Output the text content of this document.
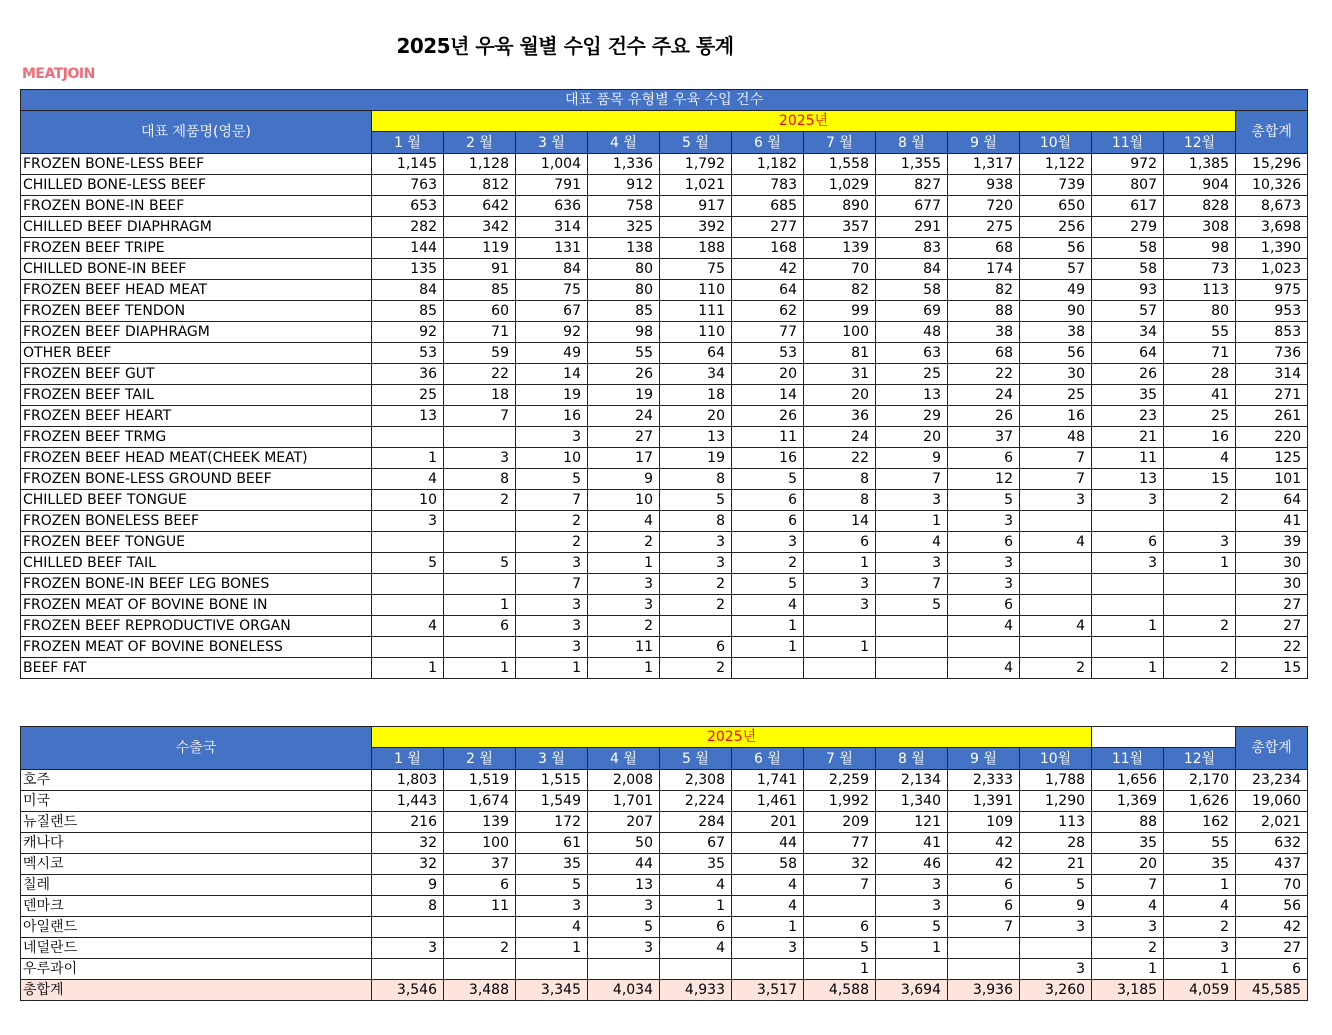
2025년 우육 월별 수입 건수 주요 통계
MEATJOIN
대표 품목 유형별 우육 수입 건수													
대표 제품명(영문)	2025년												총합계
	1 월	2 월	3 월	4 월	5 월	6 월	7 월	8 월	9 월	10월	11월	12월	
FROZEN BONE-LESS BEEF	1,145	1,128	1,004	1,336	1,792	1,182	1,558	1,355	1,317	1,122	972	1,385	15,296
CHILLED BONE-LESS BEEF	763	812	791	912	1,021	783	1,029	827	938	739	807	904	10,326
FROZEN BONE-IN BEEF	653	642	636	758	917	685	890	677	720	650	617	828	8,673
CHILLED BEEF DIAPHRAGM	282	342	314	325	392	277	357	291	275	256	279	308	3,698
FROZEN BEEF TRIPE	144	119	131	138	188	168	139	83	68	56	58	98	1,390
CHILLED BONE-IN BEEF	135	91	84	80	75	42	70	84	174	57	58	73	1,023
FROZEN BEEF HEAD MEAT	84	85	75	80	110	64	82	58	82	49	93	113	975
FROZEN BEEF TENDON	85	60	67	85	111	62	99	69	88	90	57	80	953
FROZEN BEEF DIAPHRAGM	92	71	92	98	110	77	100	48	38	38	34	55	853
OTHER BEEF	53	59	49	55	64	53	81	63	68	56	64	71	736
FROZEN BEEF GUT	36	22	14	26	34	20	31	25	22	30	26	28	314
FROZEN BEEF TAIL	25	18	19	19	18	14	20	13	24	25	35	41	271
FROZEN BEEF HEART	13	7	16	24	20	26	36	29	26	16	23	25	261
FROZEN BEEF TRMG			3	27	13	11	24	20	37	48	21	16	220
FROZEN BEEF HEAD MEAT(CHEEK MEAT)	1	3	10	17	19	16	22	9	6	7	11	4	125
FROZEN BONE-LESS GROUND BEEF	4	8	5	9	8	5	8	7	12	7	13	15	101
CHILLED BEEF TONGUE	10	2	7	10	5	6	8	3	5	3	3	2	64
FROZEN BONELESS BEEF	3		2	4	8	6	14	1	3				41
FROZEN BEEF TONGUE			2	2	3	3	6	4	6	4	6	3	39
CHILLED BEEF TAIL	5	5	3	1	3	2	1	3	3		3	1	30
FROZEN BONE-IN BEEF LEG BONES			7	3	2	5	3	7	3				30
FROZEN MEAT OF BOVINE BONE IN		1	3	3	2	4	3	5	6				27
FROZEN BEEF REPRODUCTIVE ORGAN	4	6	3	2		1			4	4	1	2	27
FROZEN MEAT OF BOVINE BONELESS			3	11	6	1	1						22
BEEF FAT	1	1	1	1	2				4	2	1	2	15
수출국	2025년												총합계
	1 월	2 월	3 월	4 월	5 월	6 월	7 월	8 월	9 월	10월	11월	12월	
호주	1,803	1,519	1,515	2,008	2,308	1,741	2,259	2,134	2,333	1,788	1,656	2,170	23,234
미국	1,443	1,674	1,549	1,701	2,224	1,461	1,992	1,340	1,391	1,290	1,369	1,626	19,060
뉴질랜드	216	139	172	207	284	201	209	121	109	113	88	162	2,021
캐나다	32	100	61	50	67	44	77	41	42	28	35	55	632
멕시코	32	37	35	44	35	58	32	46	42	21	20	35	437
칠레	9	6	5	13	4	4	7	3	6	5	7	1	70
덴마크	8	11	3	3	1	4		3	6	9	4	4	56
아일랜드			4	5	6	1	6	5	7	3	3	2	42
네덜란드	3	2	1	3	4	3	5	1			2	3	27
우루과이							1			3	1	1	6
총합계	3,546	3,488	3,345	4,034	4,933	3,517	4,588	3,694	3,936	3,260	3,185	4,059	45,585
